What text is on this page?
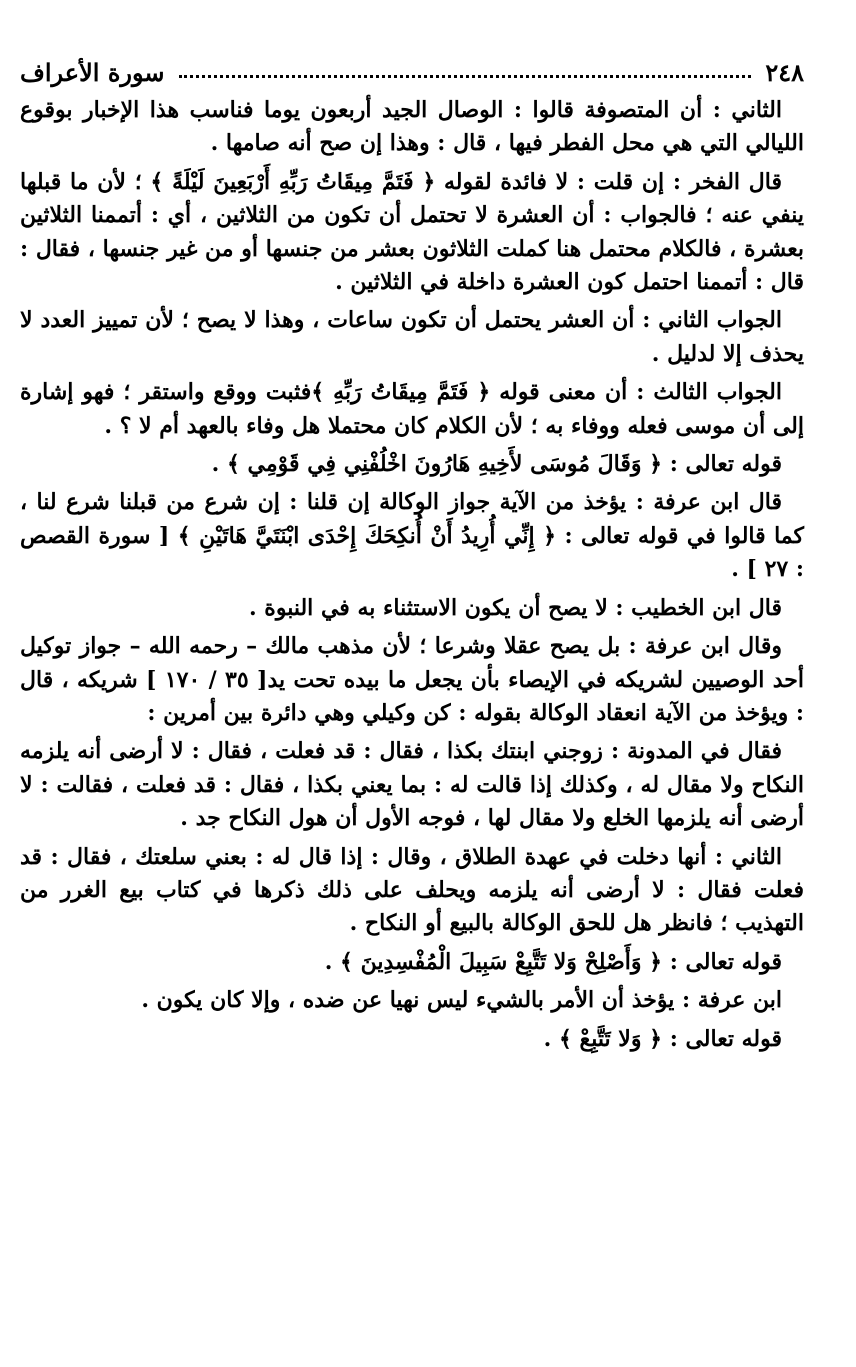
٢٤٨
سورة الأعراف

الثاني : أن المتصوفة قالوا : الوصال الجيد أربعون يوما فناسب هذا الإخبار بوقوع الليالي التي هي محل الفطر فيها ، قال : وهذا إن صح أنه صامها .

قال الفخر : إن قلت : لا فائدة لقوله ﴿ فَتَمَّ مِيقَاتُ رَبِّهِ أَرْبَعِينَ لَيْلَةً ﴾ ؛ لأن ما قبلها ينفي عنه ؛ فالجواب : أن العشرة لا تحتمل أن تكون من الثلاثين ، أي : أتممنا الثلاثين بعشرة ، فالكلام محتمل هنا كملت الثلاثون بعشر من جنسها أو من غير جنسها ، فقال : قال : أتممنا احتمل كون العشرة داخلة في الثلاثين .

الجواب الثاني : أن العشر يحتمل أن تكون ساعات ، وهذا لا يصح ؛ لأن تمييز العدد لا يحذف إلا لدليل .

الجواب الثالث : أن معنى قوله ﴿ فَتَمَّ مِيقَاتُ رَبِّهِ ﴾فثبت ووقع واستقر ؛ فهو إشارة إلى أن موسى فعله ووفاء به ؛ لأن الكلام كان محتملا هل وفاء بالعهد أم لا ؟ .

قوله تعالى : ﴿ وَقَالَ مُوسَى لأَخِيهِ هَارُونَ اخْلُفْنِي فِي قَوْمِي ﴾ .

قال ابن عرفة : يؤخذ من الآية جواز الوكالة إن قلنا : إن شرع من قبلنا شرع لنا ، كما قالوا في قوله تعالى : ﴿ إِنِّي أُرِيدُ أَنْ أُنكِحَكَ إِحْدَى ابْنَتَيَّ هَاتَيْنِ ﴾ [ سورة القصص : ٢٧ ] .

قال ابن الخطيب : لا يصح أن يكون الاستثناء به في النبوة .

وقال ابن عرفة : بل يصح عقلا وشرعا ؛ لأن مذهب مالك – رحمه الله – جواز توكيل أحد الوصيين لشريكه في الإيصاء بأن يجعل ما بيده تحت يد[ ٣٥ / ١٧٠ ] شريكه ، قال : ويؤخذ من الآية انعقاد الوكالة بقوله : كن وكيلي وهي دائرة بين أمرين :

فقال في المدونة : زوجني ابنتك بكذا ، فقال : قد فعلت ، فقال : لا أرضى أنه يلزمه النكاح ولا مقال له ، وكذلك إذا قالت له : بما يعني بكذا ، فقال : قد فعلت ، فقالت : لا أرضى أنه يلزمها الخلع ولا مقال لها ، فوجه الأول أن هول النكاح جد .

الثاني : أنها دخلت في عهدة الطلاق ، وقال : إذا قال له : بعني سلعتك ، فقال : قد فعلت فقال : لا أرضى أنه يلزمه ويحلف على ذلك ذكرها في كتاب بيع الغرر من التهذيب ؛ فانظر هل للحق الوكالة بالبيع أو النكاح .

قوله تعالى : ﴿ وَأَصْلِحْ وَلا تَتَّبِعْ سَبِيلَ الْمُفْسِدِينَ ﴾ .

ابن عرفة : يؤخذ أن الأمر بالشيء ليس نهيا عن ضده ، وإلا كان يكون .

قوله تعالى : ﴿ وَلا تَتَّبِعْ ﴾ .
